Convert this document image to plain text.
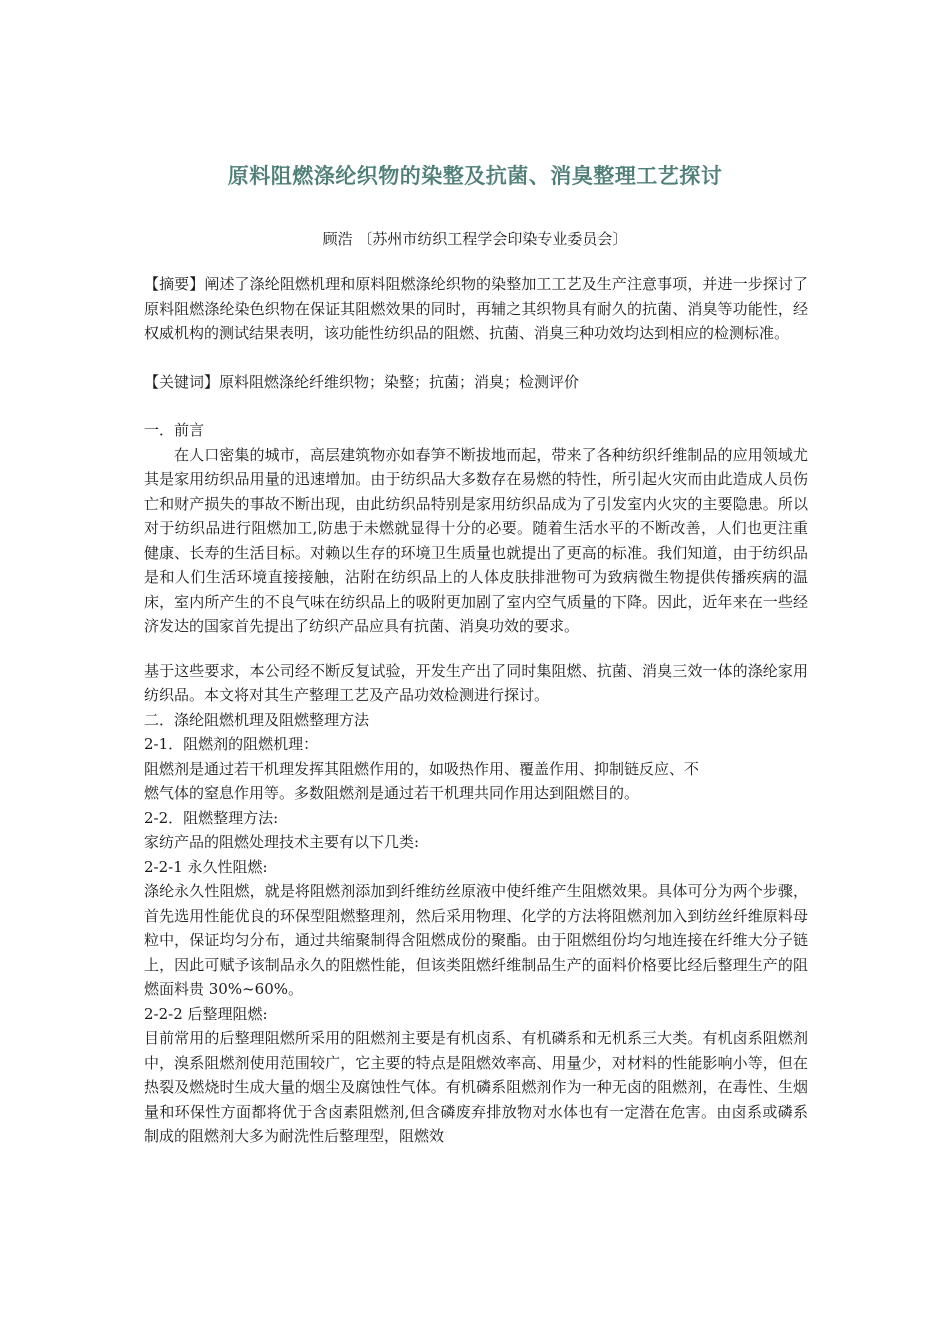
原料阻燃涤纶织物的染整及抗菌、消臭整理工艺探讨
顾浩 〔苏州市纺织工程学会印染专业委员会〕

【摘要】阐述了涤纶阻燃机理和原料阻燃涤纶织物的染整加工工艺及生产注意事项，并进一步探讨了原料阻燃涤纶染色织物在保证其阻燃效果的同时，再辅之其织物具有耐久的抗菌、消臭等功能性，经权威机构的测试结果表明，该功能性纺织品的阻燃、抗菌、消臭三种功效均达到相应的检测标准。

【关键词】原料阻燃涤纶纤维织物；染整；抗菌；消臭；检测评价

一．前言

在人口密集的城市，高层建筑物亦如春笋不断拔地而起，带来了各种纺织纤维制品的应用领域尤其是家用纺织品用量的迅速增加。由于纺织品大多数存在易燃的特性，所引起火灾而由此造成人员伤亡和财产损失的事故不断出现，由此纺织品特别是家用纺织品成为了引发室内火灾的主要隐患。所以对于纺织品进行阻燃加工,防患于未燃就显得十分的必要。随着生活水平的不断改善，人们也更注重健康、长寿的生活目标。对赖以生存的环境卫生质量也就提出了更高的标准。我们知道，由于纺织品是和人们生活环境直接接触，沾附在纺织品上的人体皮肤排泄物可为致病微生物提供传播疾病的温床，室内所产生的不良气味在纺织品上的吸附更加剧了室内空气质量的下降。因此，近年来在一些经济发达的国家首先提出了纺织产品应具有抗菌、消臭功效的要求。

基于这些要求，本公司经不断反复试验，开发生产出了同时集阻燃、抗菌、消臭三效一体的涤纶家用纺织品。本文将对其生产整理工艺及产品功效检测进行探讨。

二．涤纶阻燃机理及阻燃整理方法

2-1．阻燃剂的阻燃机理：

阻燃剂是通过若干机理发挥其阻燃作用的，如吸热作用、覆盖作用、抑制链反应、不

燃气体的窒息作用等。多数阻燃剂是通过若干机理共同作用达到阻燃目的。

2-2．阻燃整理方法:

家纺产品的阻燃处理技术主要有以下几类:

2-2-1 永久性阻燃:

涤纶永久性阻燃，就是将阻燃剂添加到纤维纺丝原液中使纤维产生阻燃效果。具体可分为两个步骤，首先选用性能优良的环保型阻燃整理剂，然后采用物理、化学的方法将阻燃剂加入到纺丝纤维原料母粒中，保证均匀分布，通过共缩聚制得含阻燃成份的聚酯。由于阻燃组份均匀地连接在纤维大分子链上，因此可赋予该制品永久的阻燃性能，但该类阻燃纤维制品生产的面料价格要比经后整理生产的阻燃面料贵 30%~60%。

2-2-2 后整理阻燃:

目前常用的后整理阻燃所采用的阻燃剂主要是有机卤系、有机磷系和无机系三大类。有机卤系阻燃剂中，溴系阻燃剂使用范围较广，它主要的特点是阻燃效率高、用量少，对材料的性能影响小等，但在热裂及燃烧时生成大量的烟尘及腐蚀性气体。有机磷系阻燃剂作为一种无卤的阻燃剂，在毒性、生烟量和环保性方面都将优于含卤素阻燃剂,但含磷废弃排放物对水体也有一定潜在危害。由卤系或磷系制成的阻燃剂大多为耐洗性后整理型，阻燃效
